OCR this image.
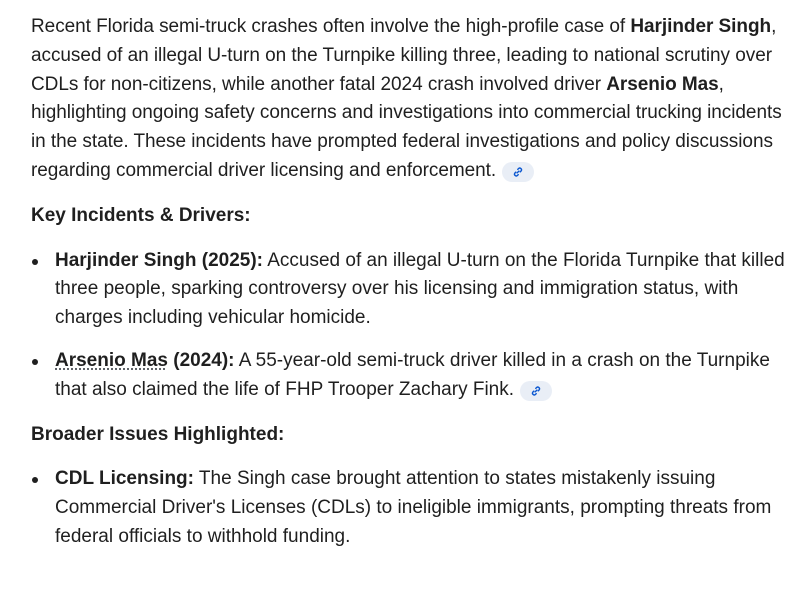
Recent Florida semi-truck crashes often involve the high-profile case of Harjinder Singh, accused of an illegal U-turn on the Turnpike killing three, leading to national scrutiny over CDLs for non-citizens, while another fatal 2024 crash involved driver Arsenio Mas, highlighting ongoing safety concerns and investigations into commercial trucking incidents in the state. These incidents have prompted federal investigations and policy discussions regarding commercial driver licensing and enforcement.

Key Incidents & Drivers:

Harjinder Singh (2025): Accused of an illegal U-turn on the Florida Turnpike that killed three people, sparking controversy over his licensing and immigration status, with charges including vehicular homicide.
Arsenio Mas (2024): A 55-year-old semi-truck driver killed in a crash on the Turnpike that also claimed the life of FHP Trooper Zachary Fink.

Broader Issues Highlighted:

CDL Licensing: The Singh case brought attention to states mistakenly issuing Commercial Driver's Licenses (CDLs) to ineligible immigrants, prompting threats from federal officials to withhold funding.
